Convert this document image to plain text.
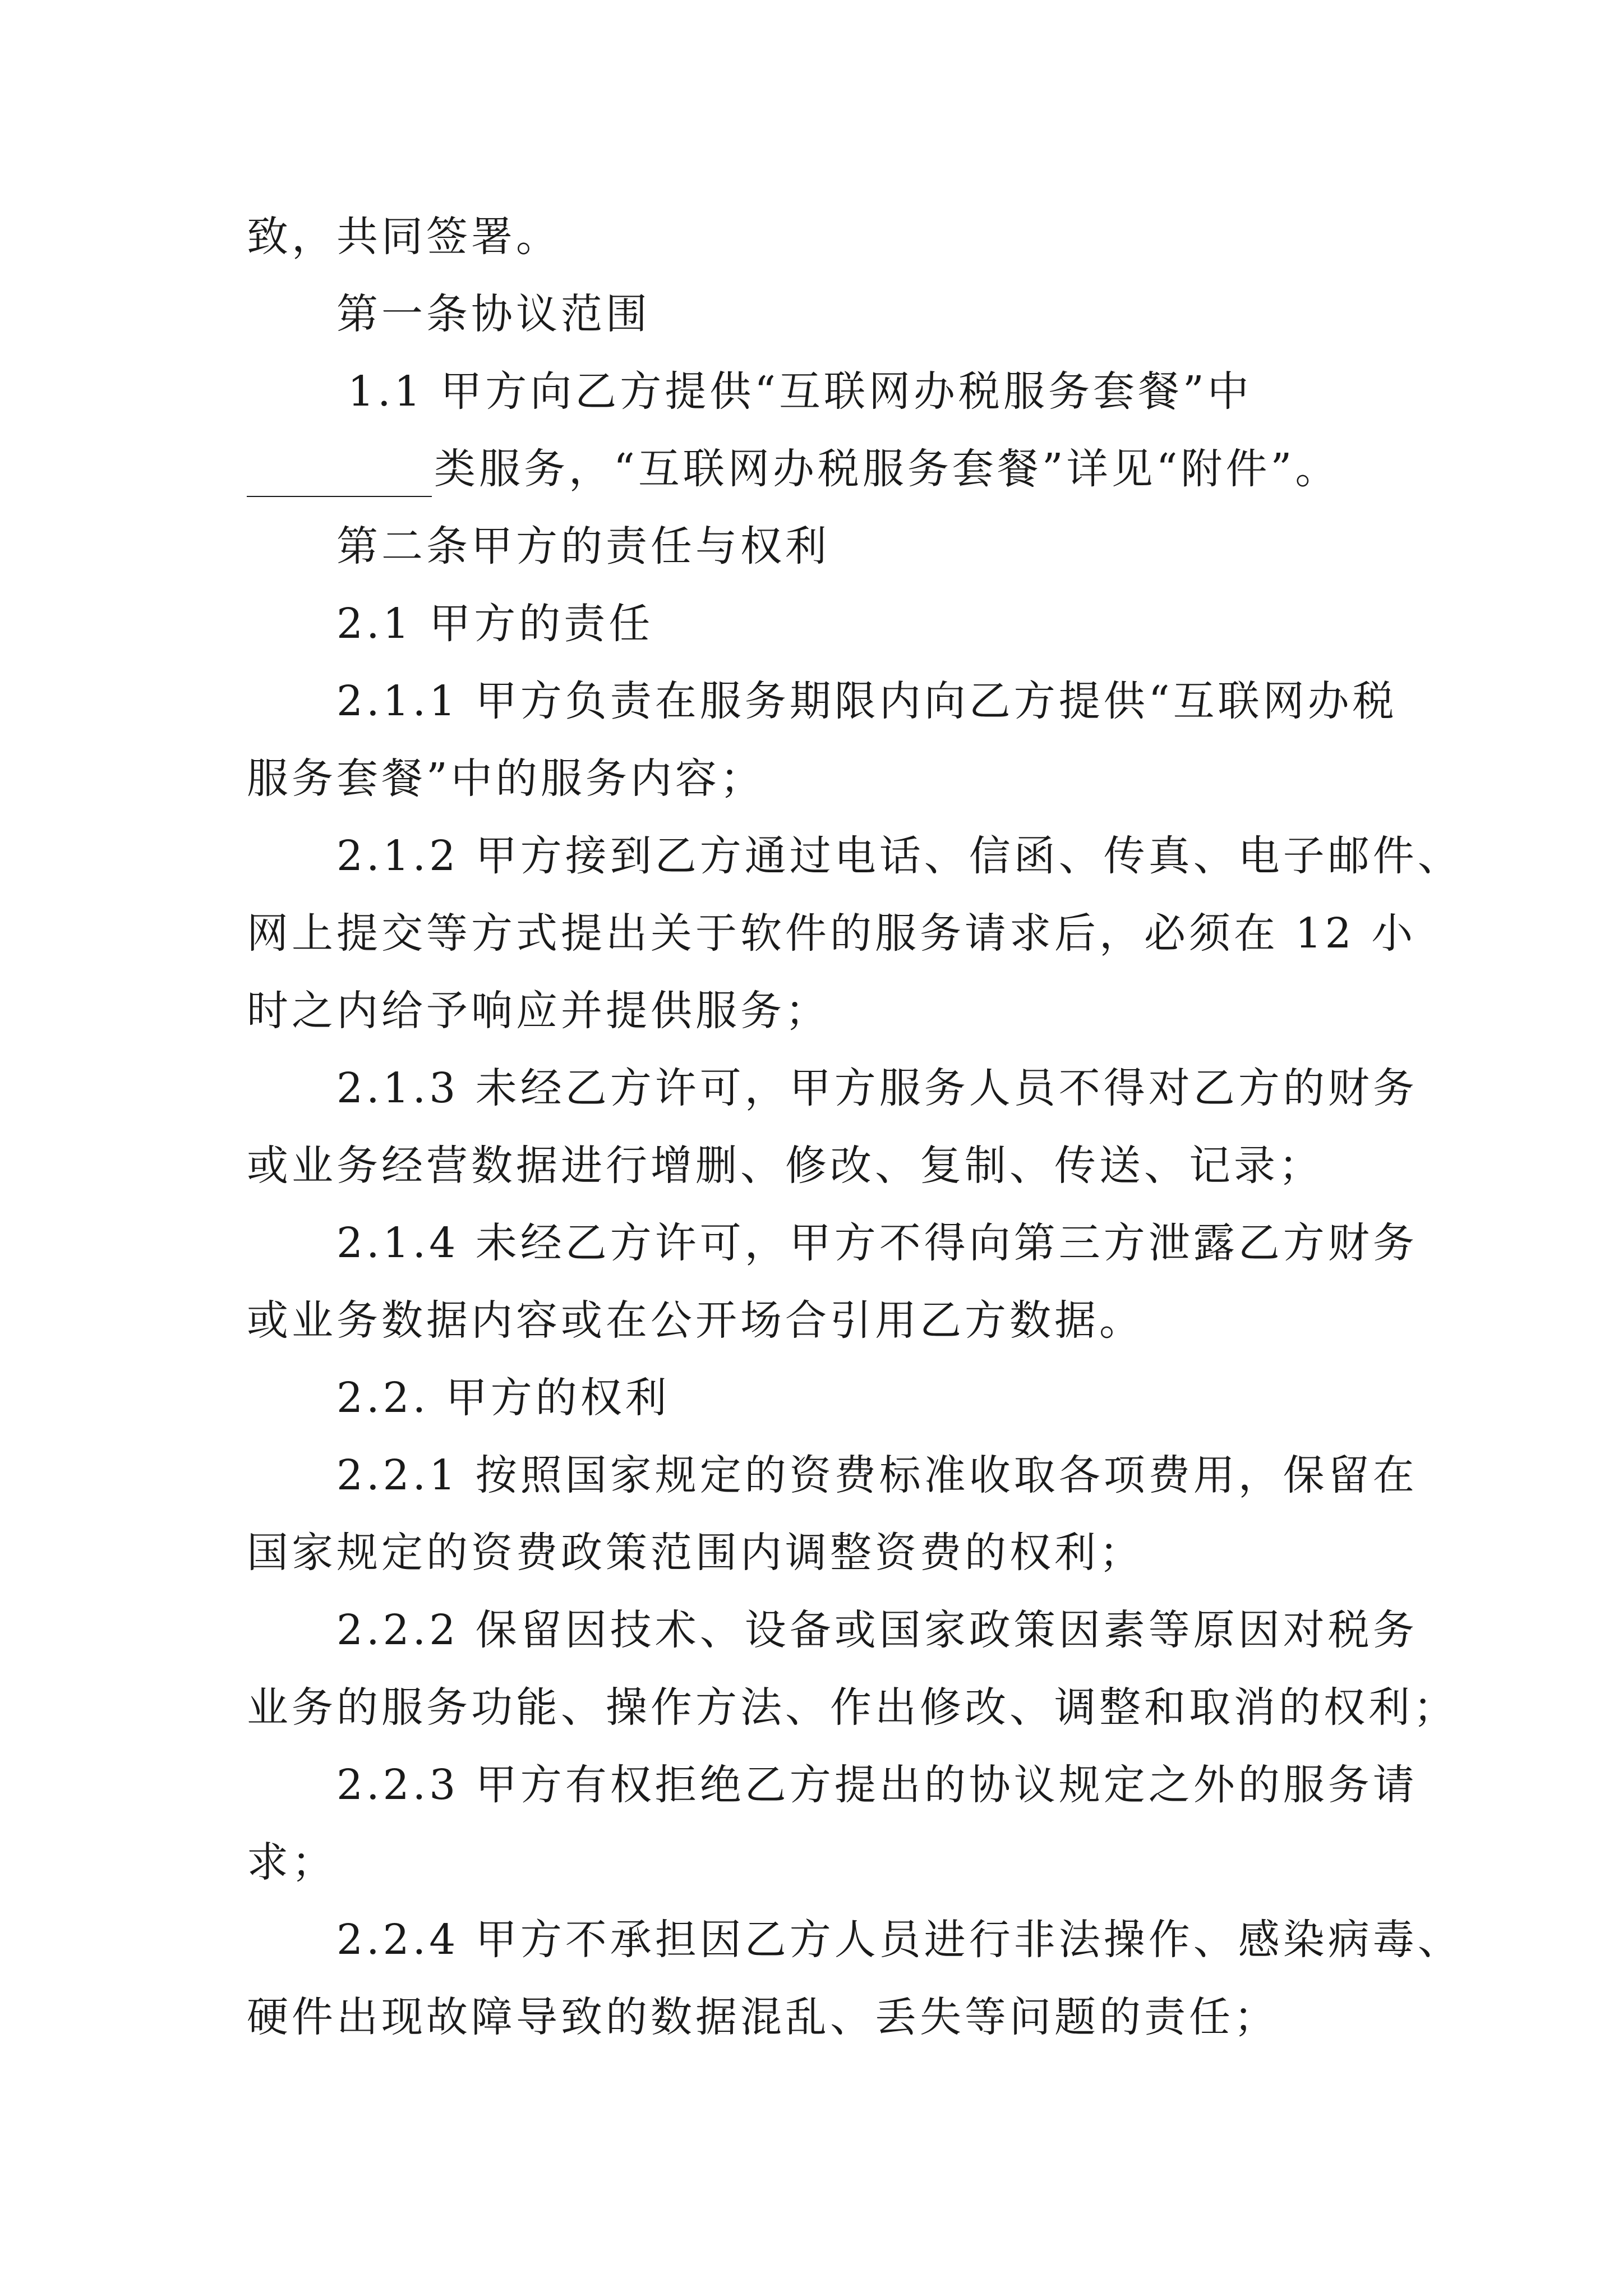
致，共同签署。
第一条协议范围
1.1 甲方向乙方提供“互联网办税服务套餐”中
类服务，“互联网办税服务套餐”详见“附件”。
第二条甲方的责任与权利
2.1 甲方的责任
2.1.1 甲方负责在服务期限内向乙方提供“互联网办税
服务套餐”中的服务内容；
2.1.2 甲方接到乙方通过电话、信函、传真、电子邮件、
网上提交等方式提出关于软件的服务请求后，必须在 12 小
时之内给予响应并提供服务；
2.1.3 未经乙方许可，甲方服务人员不得对乙方的财务
或业务经营数据进行增删、修改、复制、传送、记录；
2.1.4 未经乙方许可，甲方不得向第三方泄露乙方财务
或业务数据内容或在公开场合引用乙方数据。
2.2. 甲方的权利
2.2.1 按照国家规定的资费标准收取各项费用，保留在
国家规定的资费政策范围内调整资费的权利；
2.2.2 保留因技术、设备或国家政策因素等原因对税务
业务的服务功能、操作方法、作出修改、调整和取消的权利；
2.2.3 甲方有权拒绝乙方提出的协议规定之外的服务请
求；
2.2.4 甲方不承担因乙方人员进行非法操作、感染病毒、
硬件出现故障导致的数据混乱、丢失等问题的责任；
